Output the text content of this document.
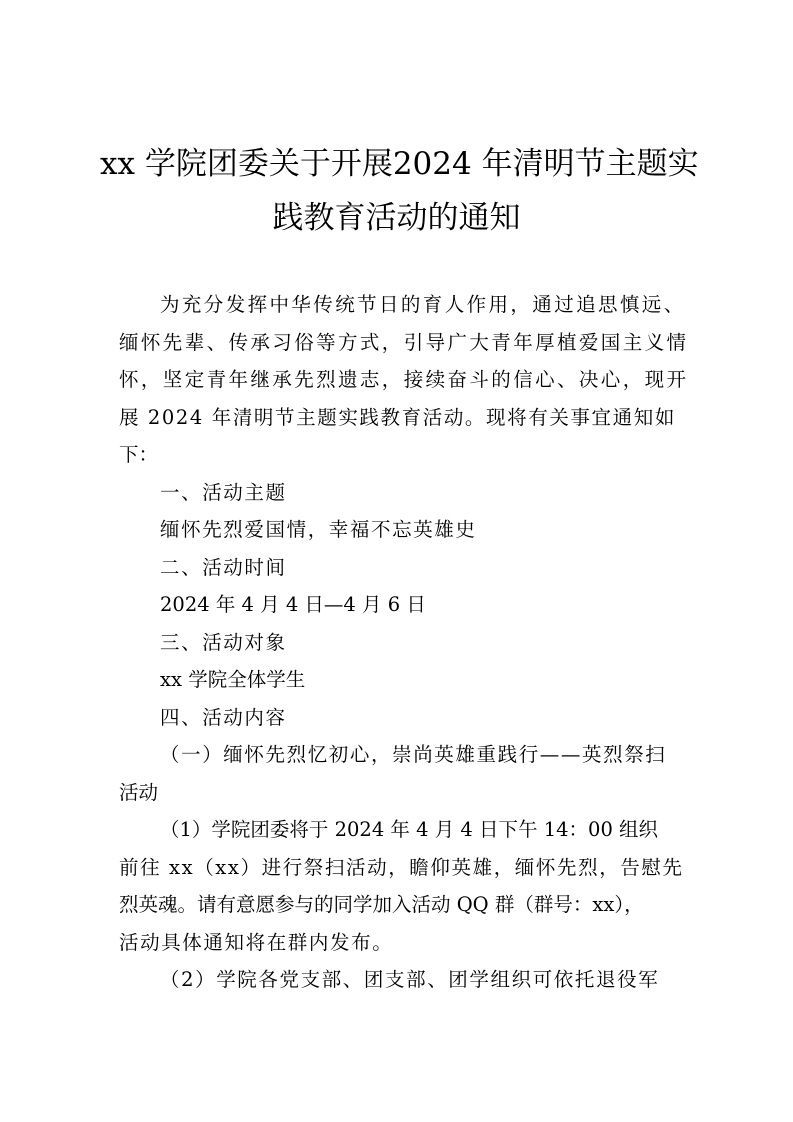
xx 学院团委关于开展2024 年清明节主题实
践教育活动的通知
为充分发挥中华传统节日的育人作用，通过追思慎远、
缅怀先辈、传承习俗等方式，引导广大青年厚植爱国主义情
怀，坚定青年继承先烈遗志，接续奋斗的信心、决心，现开
展 2024 年清明节主题实践教育活动。现将有关事宜通知如
下：
一、活动主题
缅怀先烈爱国情，幸福不忘英雄史
二、活动时间
2024 年 4 月 4 日—4 月 6 日
三、活动对象
xx 学院全体学生
四、活动内容
（一）缅怀先烈忆初心，崇尚英雄重践行——英烈祭扫
活动
（1）学院团委将于 2024 年 4 月 4 日下午 14：00 组织
前往 xx（xx）进行祭扫活动，瞻仰英雄，缅怀先烈，告慰先
烈英魂。请有意愿参与的同学加入活动 QQ 群（群号：xx），
活动具体通知将在群内发布。
（2）学院各党支部、团支部、团学组织可依托退役军
